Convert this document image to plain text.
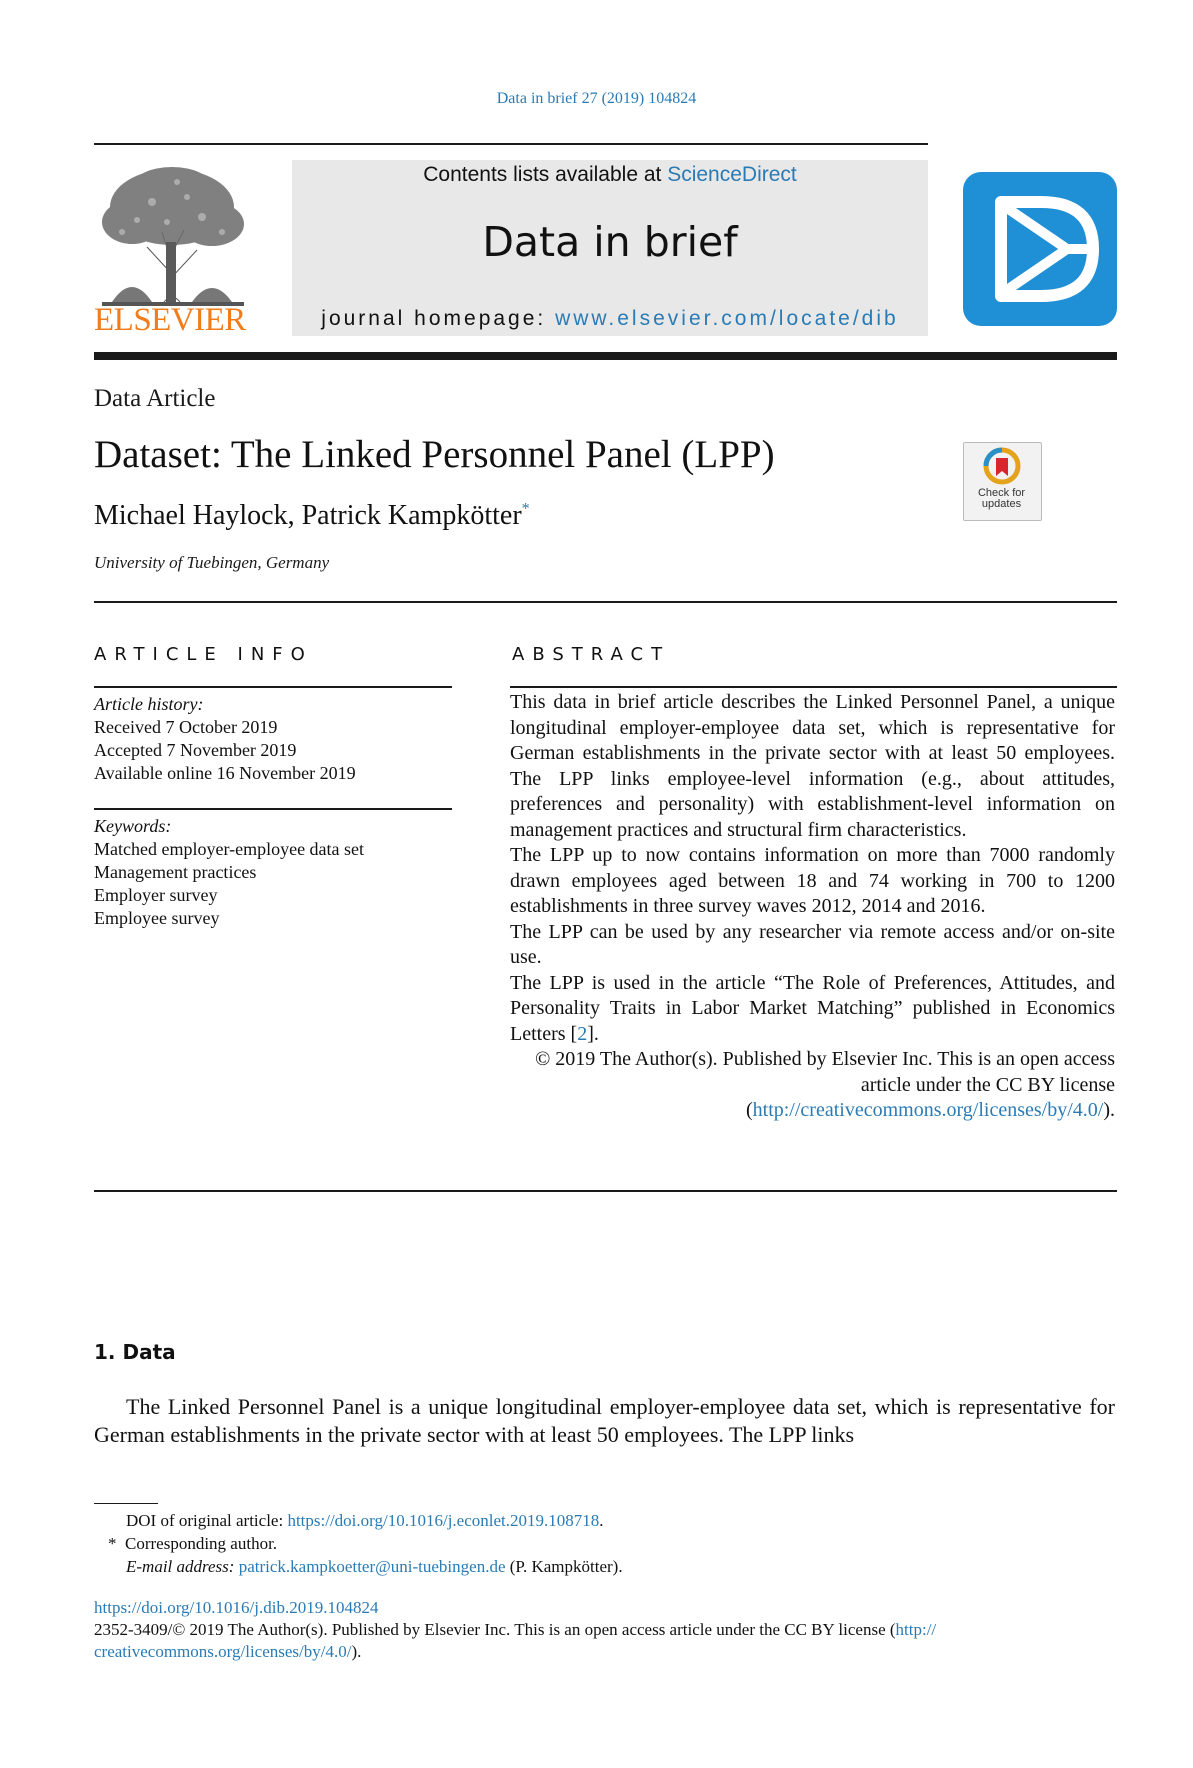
Data in brief 27 (2019) 104824
ELSEVIER
Contents lists available at ScienceDirect
Data in brief
journal homepage: www.elsevier.com/locate/dib
Data Article
Dataset: The Linked Personnel Panel (LPP)
Michael Haylock, Patrick Kampkötter*
University of Tuebingen, Germany
Check for
updates
ARTICLE INFO
Article history:
Received 7 October 2019
Accepted 7 November 2019
Available online 16 November 2019
Keywords:
Matched employer-employee data set
Management practices
Employer survey
Employee survey
ABSTRACT

This data in brief article describes the Linked Personnel Panel, a unique longitudinal employer-employee data set, which is representative for German establishments in the private sector with at least 50 employees. The LPP links employee-level information (e.g., about attitudes, preferences and personality) with establishment-level information on management practices and structural firm characteristics.

The LPP up to now contains information on more than 7000 randomly drawn employees aged between 18 and 74 working in 700 to 1200 establishments in three survey waves 2012, 2014 and 2016.

The LPP can be used by any researcher via remote access and/or on-site use.

The LPP is used in the article “The Role of Preferences, Attitudes, and Personality Traits in Labor Market Matching” published in Economics Letters [2].

© 2019 The Author(s). Published by Elsevier Inc. This is an open access article under the CC BY license (http://creativecommons.org/licenses/by/4.0/).

1. Data
The Linked Personnel Panel is a unique longitudinal employer-employee data set, which is representative for German establishments in the private sector with at least 50 employees. The LPP links
DOI of original article: https://doi.org/10.1016/j.econlet.2019.108718.
* Corresponding author.
E-mail address: patrick.kampkoetter@uni-tuebingen.de (P. Kampkötter).
https://doi.org/10.1016/j.dib.2019.104824
2352-3409/© 2019 The Author(s). Published by Elsevier Inc. This is an open access article under the CC BY license (http://
creativecommons.org/licenses/by/4.0/).
